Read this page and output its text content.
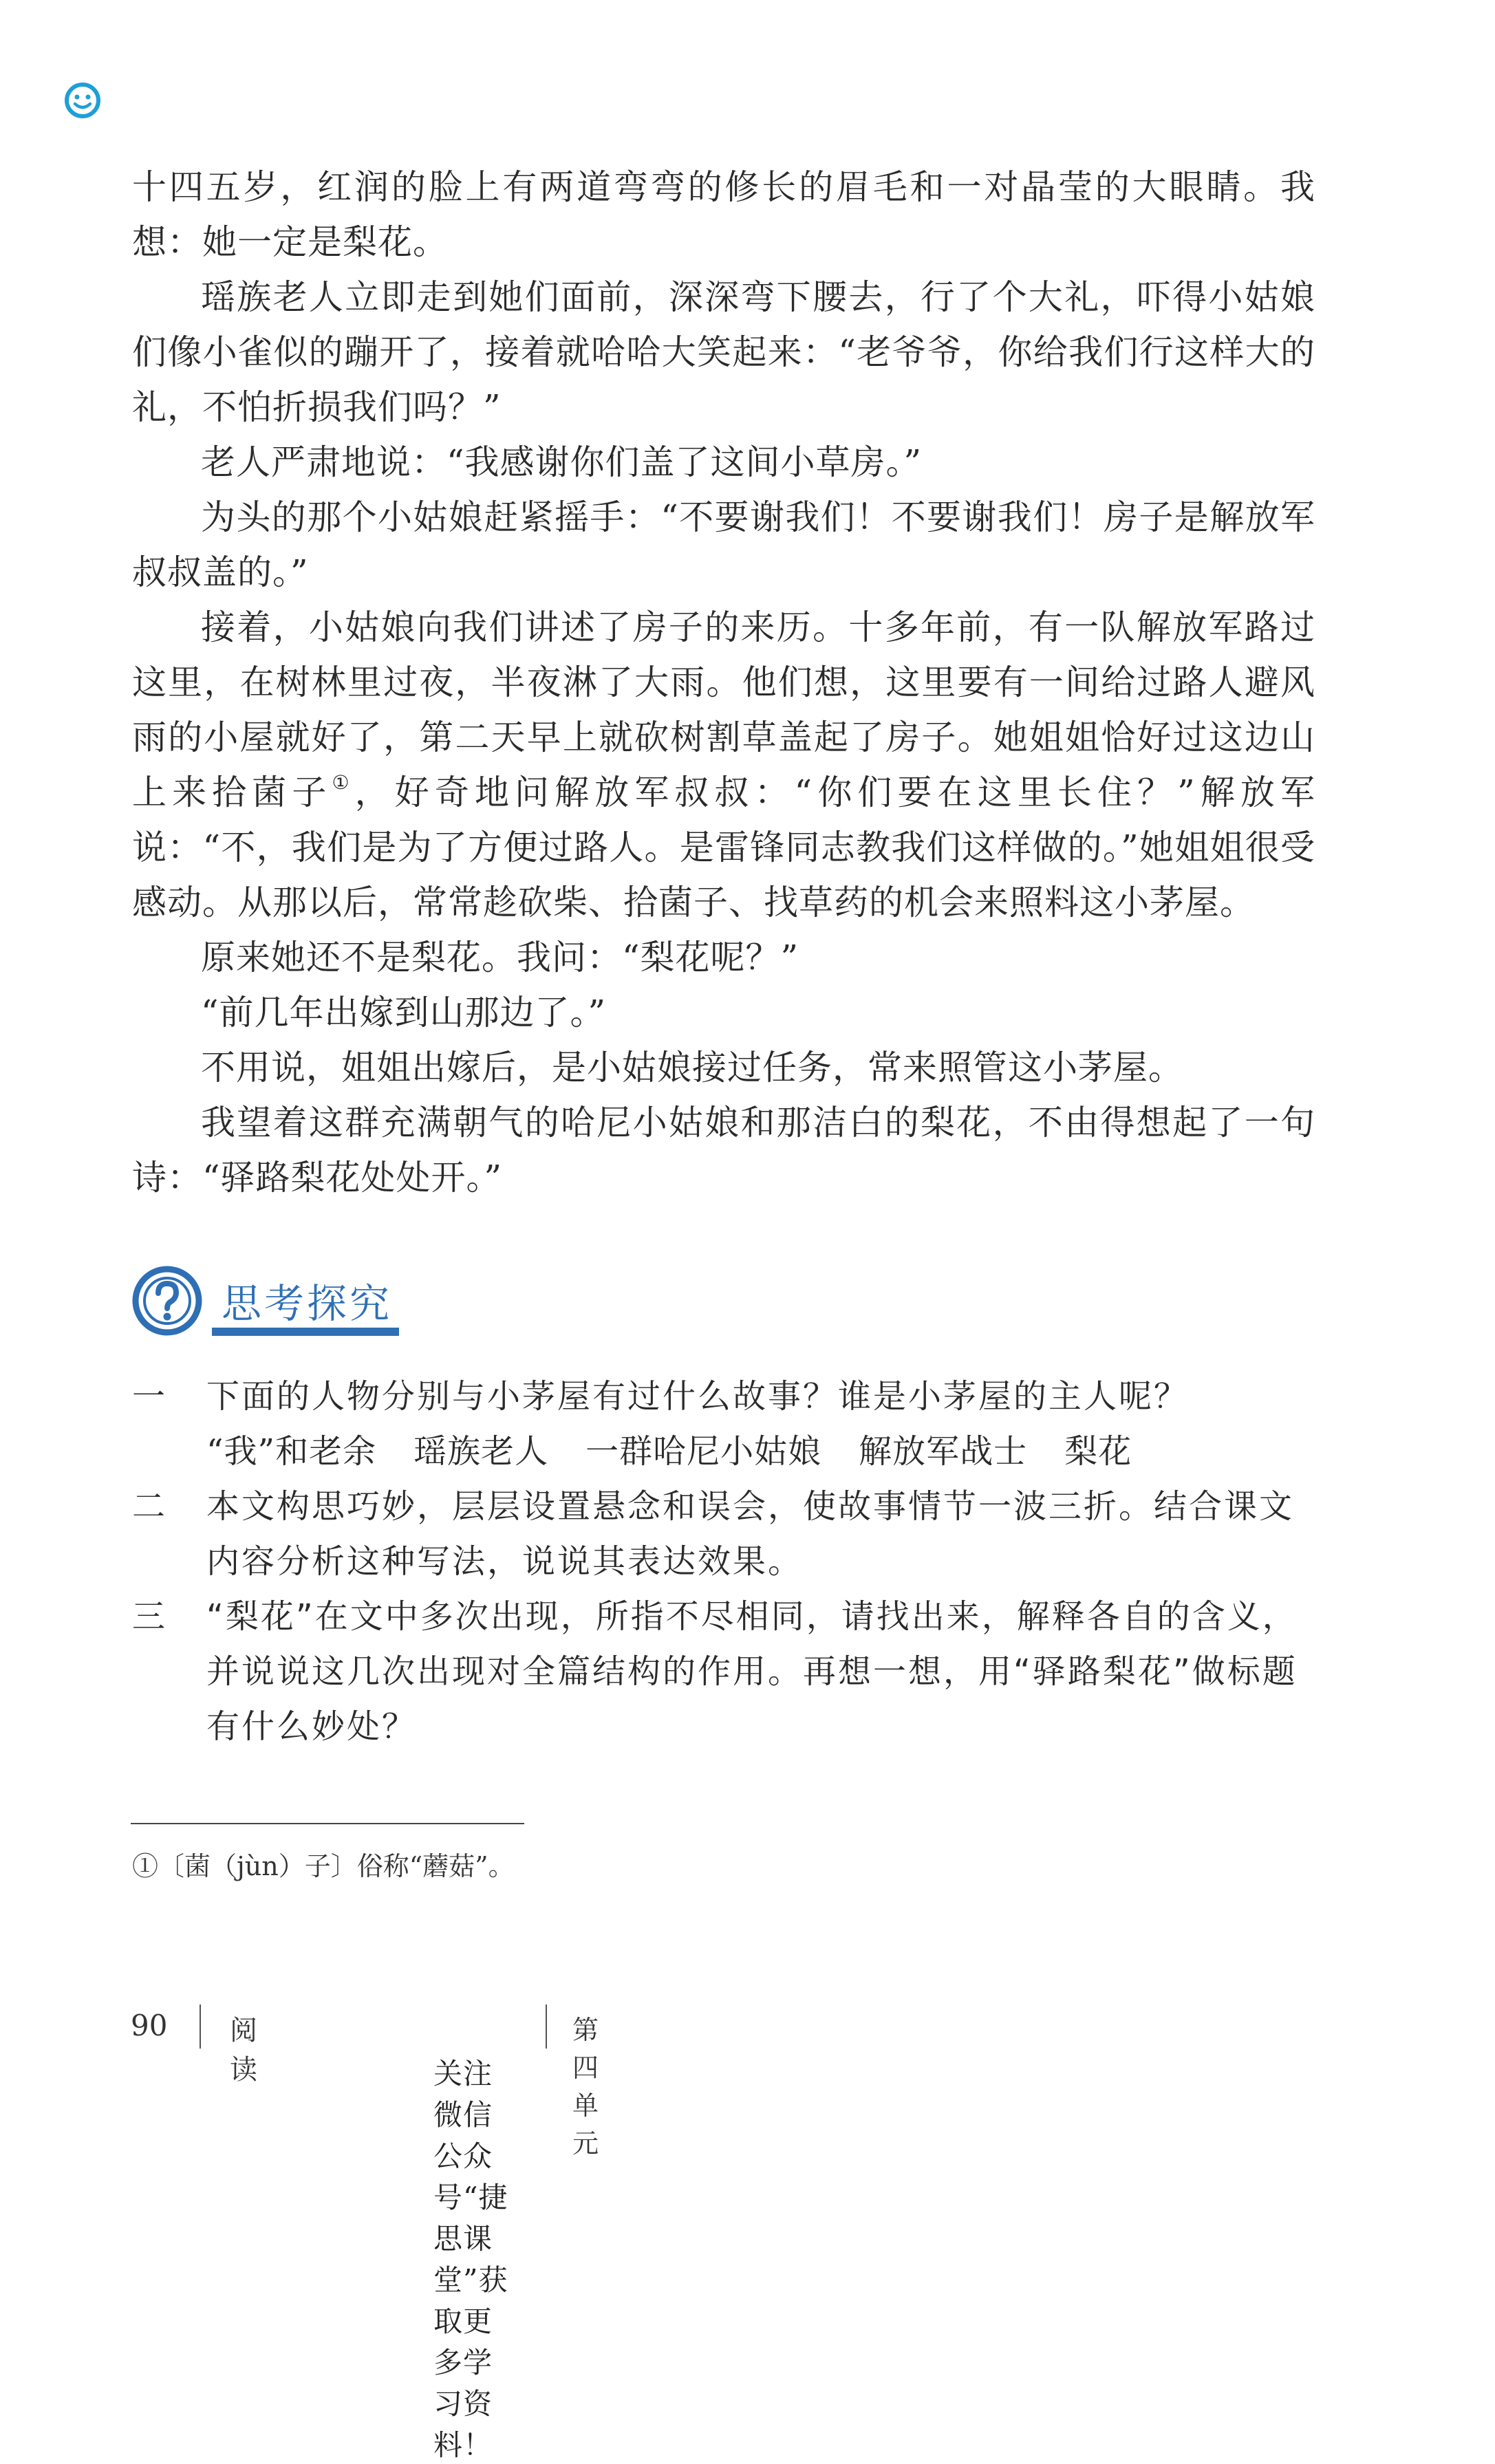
十四五岁，红润的脸上有两道弯弯的修长的眉毛和一对晶莹的大眼睛。我想：她一定是梨花。

瑶族老人立即走到她们面前，深深弯下腰去，行了个大礼，吓得小姑娘们像小雀似的蹦开了，接着就哈哈大笑起来：“老爷爷，你给我们行这样大的礼，不怕折损我们吗？”

老人严肃地说：“我感谢你们盖了这间小草房。”

为头的那个小姑娘赶紧摇手：“不要谢我们！不要谢我们！房子是解放军叔叔盖的。”

接着，小姑娘向我们讲述了房子的来历。十多年前，有一队解放军路过这里，在树林里过夜，半夜淋了大雨。他们想，这里要有一间给过路人避风雨的小屋就好了，第二天早上就砍树割草盖起了房子。她姐姐恰好过这边山上来拾菌子①，好奇地问解放军叔叔：“你们要在这里长住？”解放军说：“不，我们是为了方便过路人。是雷锋同志教我们这样做的。”她姐姐很受感动。从那以后，常常趁砍柴、拾菌子、找草药的机会来照料这小茅屋。

原来她还不是梨花。我问：“梨花呢？”

“前几年出嫁到山那边了。”

不用说，姐姐出嫁后，是小姑娘接过任务，常来照管这小茅屋。

我望着这群充满朝气的哈尼小姑娘和那洁白的梨花，不由得想起了一句诗：“驿路梨花处处开。”

思考探究
一 下面的人物分别与小茅屋有过什么故事？谁是小茅屋的主人呢？
“我”和老余 瑶族老人 一群哈尼小姑娘 解放军战士 梨花
二 本文构思巧妙，层层设置悬念和误会，使故事情节一波三折。结合课文内容分析这种写法，说说其表达效果。
三 “梨花”在文中多次出现，所指不尽相同，请找出来，解释各自的含义，并说说这几次出现对全篇结构的作用。再想一想，用“驿路梨花”做标题有什么妙处？
①〔菌（jùn）子〕俗称“蘑菇”。
90 阅 读
第四单元
关注微信公众号“捷思课堂”获取更多学习资料！
